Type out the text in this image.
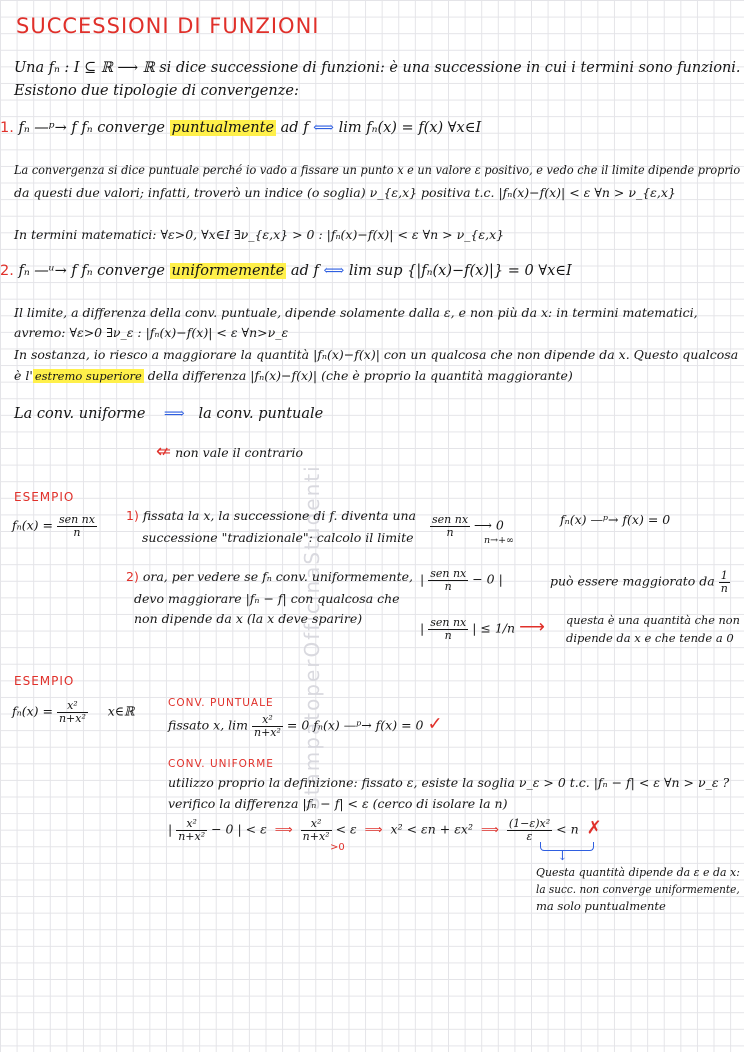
StampatoperOfficinaStudenti
SUCCESSIONI DI FUNZIONI
Una fₙ : I ⊆ ℝ ⟶ ℝ si dice successione di funzioni: è una successione in cui i termini sono funzioni.
Esistono due tipologie di convergenze:
1. fₙ —ᵖ→ f fₙ converge puntualmente ad f ⟺ lim fₙ(x) = f(x) ∀x∈I
La convergenza si dice puntuale perché io vado a fissare un punto x e un valore ε positivo, e vedo che il limite dipende proprio
da questi due valori; infatti, troverò un indice (o soglia) ν_{ε,x} positiva t.c. |fₙ(x)−f(x)| < ε ∀n > ν_{ε,x}
In termini matematici: ∀ε>0, ∀x∈I ∃ν_{ε,x} > 0 : |fₙ(x)−f(x)| < ε ∀n > ν_{ε,x}
2. fₙ —ᵘ→ f fₙ converge uniformemente ad f ⟺ lim sup {|fₙ(x)−f(x)|} = 0 ∀x∈I
Il limite, a differenza della conv. puntuale, dipende solamente dalla ε, e non più da x: in termini matematici,
avremo: ∀ε>0 ∃ν_ε : |fₙ(x)−f(x)| < ε ∀n>ν_ε
In sostanza, io riesco a maggiorare la quantità |fₙ(x)−f(x)| con un qualcosa che non dipende da x. Questo qualcosa
è l' estremo superiore della differenza |fₙ(x)−f(x)| (che è proprio la quantità maggiorante)
La conv. uniforme ⟹ la conv. puntuale
⇍ non vale il contrario
ESEMPIO
$f_n(x) = \frac{\text{sen nx}}{n} 1$) fissata la x, la successione di f. diventa una
successione "tradizionale": calcolo il limite $\frac{\text{sen nx}}{n}$ ⟶ 0
n→+∞
fₙ(x) —ᵖ→ f(x) = 0
2) ora, per vedere se fₙ conv. uniformemente,
devo maggiorare |fₙ − f| con qualcosa che
non dipende da x (la x deve sparire)
| $\frac{\text{sen nx}}{n} - 0$ |	può essere maggiorato da $\frac{1}{n}$
| $\frac{\text{sen nx}}{n}$ | ≤ 1/n ⟶ questa è una quantità che non
dipende da x e che tende a 0
ESEMPIO
$f_n(x) = \frac{\text{x²}}{\text{n+x²}}$ x∈ℝ
CONV. PUNTUALE
fissato x, $\lim \frac{\text{x²}}{\text{n+x²}} = 0$ fₙ(x) —ᵖ→ f(x) = 0 ✓
CONV. UNIFORME
utilizzo proprio la definizione: fissato ε, esiste la soglia ν_ε > 0 t.c. |fₙ − f| < ε ∀n > ν_ε ?
verifico la differenza |fₙ − f| < ε (cerco di isolare la n)
| $\frac{\text{x²}}{\text{n+x²}} - 0$ | < ε ⟹ $\frac{\text{x²}}{\text{n+x²}} < \varepsilon$ ⟹ x² < εn + εx² ⟹ $\frac{\text{(1−ε)x²}}{\varepsilon} < n$ ✗
>0
↓
Questa quantità dipende da ε e da x:
la succ. non converge uniformemente,
ma solo puntualmente
